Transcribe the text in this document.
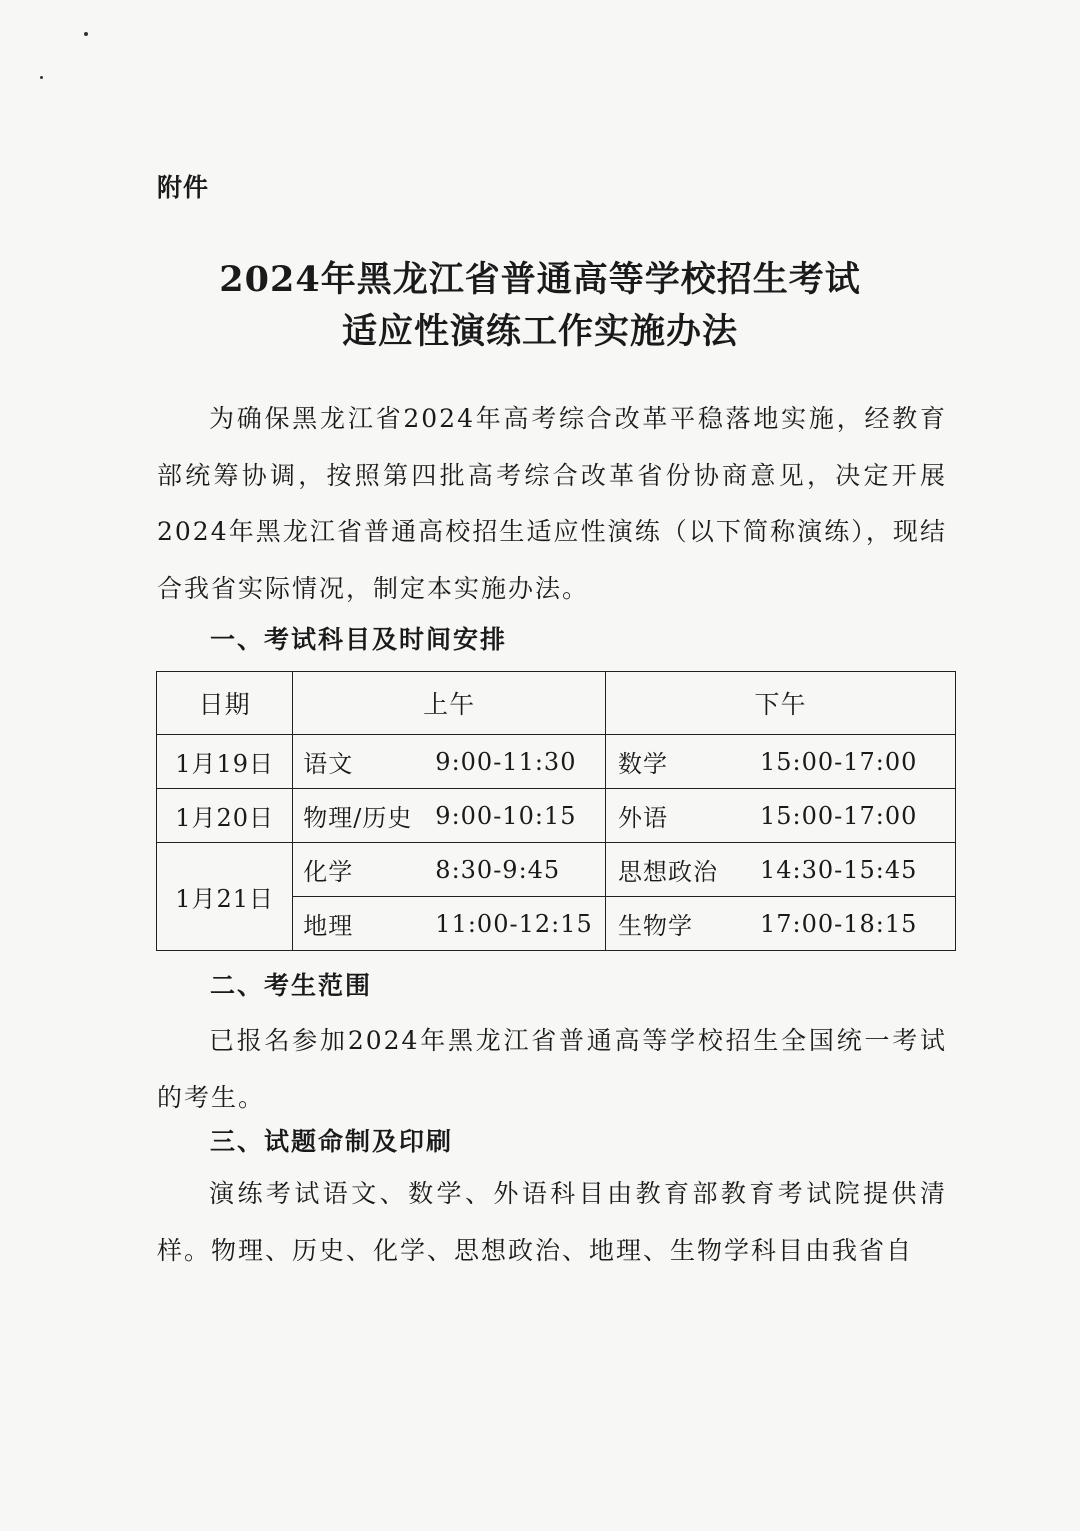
附件
2024年黑龙江省普通高等学校招生考试
适应性演练工作实施办法
为确保黑龙江省2024年高考综合改革平稳落地实施，经教育部统筹协调，按照第四批高考综合改革省份协商意见，决定开展2024年黑龙江省普通高校招生适应性演练（以下简称演练），现结合我省实际情况，制定本实施办法。
一、考试科目及时间安排
日期	上午	下午
1月19日	语文 9:00-11:30	数学 15:00-17:00

1月20日	物理/历史 9:00-10:15	外语 15:00-17:00

1月21日	化学 8:30-9:45	思想政治 14:30-15:45

	地理 11:00-12:15	生物学 17:00-18:15
二、考生范围
已报名参加2024年黑龙江省普通高等学校招生全国统一考试的考生。
三、试题命制及印刷
演练考试语文、数学、外语科目由教育部教育考试院提供清样。物理、历史、化学、思想政治、地理、生物学科目由我省自
